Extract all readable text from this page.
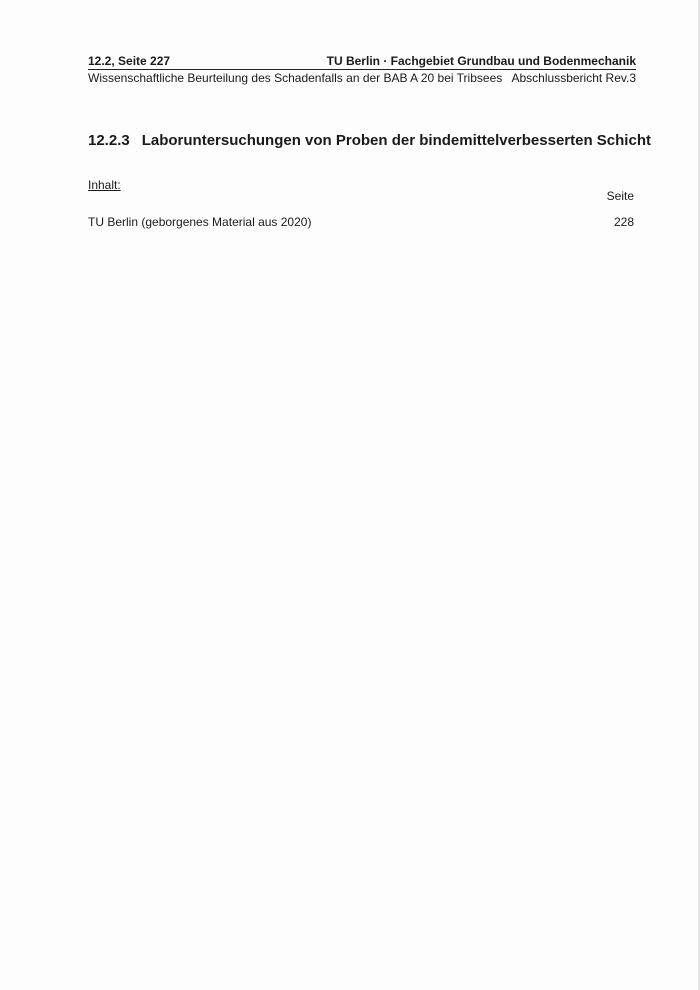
12.2, Seite 227	TU Berlin · Fachgebiet Grundbau und Bodenmechanik
Wissenschaftliche Beurteilung des Schadenfalls an der BAB A 20 bei Tribsees Abschlussbericht Rev.3
12.2.3 Laboruntersuchungen von Proben der bindemittelverbesserten Schicht
Inhalt:
Seite
TU Berlin (geborgenes Material aus 2020)	228
